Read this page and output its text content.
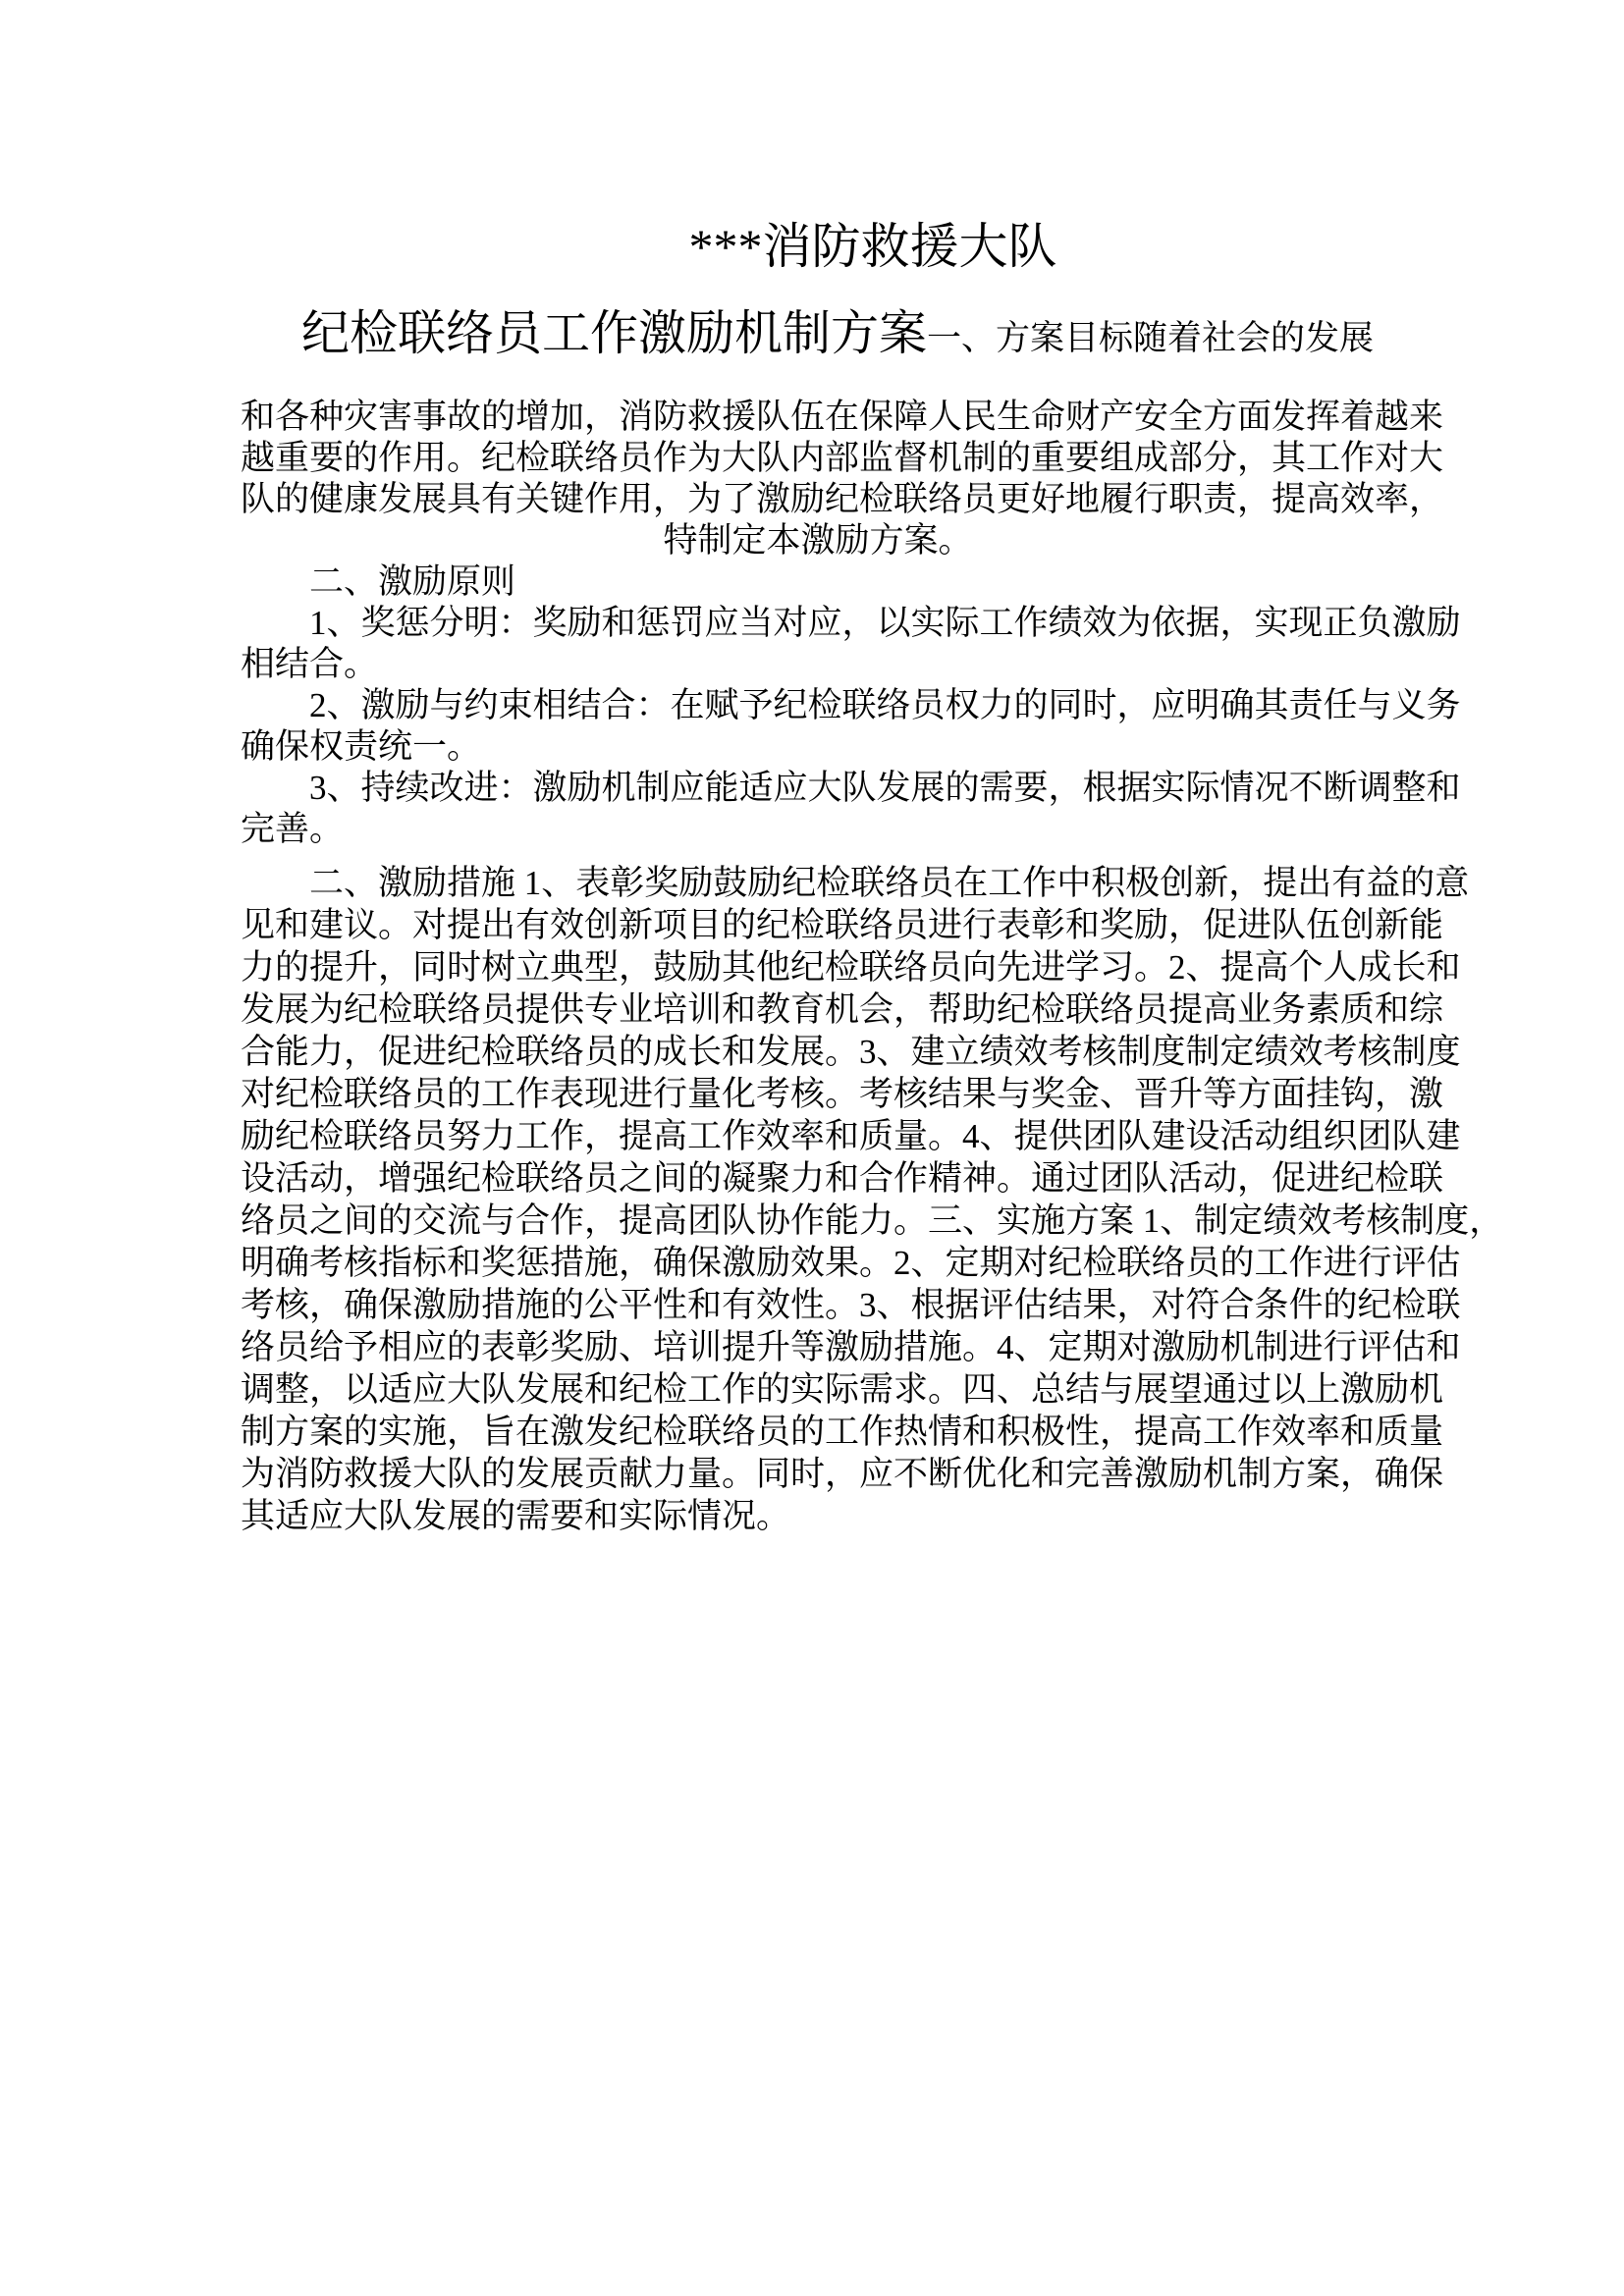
***消防救援大队
纪检联络员工作激励机制方案一、方案目标随着社会的发展
和各种灾害事故的增加，消防救援队伍在保障人民生命财产安全方面发挥着越来
越重要的作用。纪检联络员作为大队内部监督机制的重要组成部分，其工作对大
队的健康发展具有关键作用，为了激励纪检联络员更好地履行职责，提高效率，
特制定本激励方案。
二、激励原则
1、奖惩分明：奖励和惩罚应当对应，以实际工作绩效为依据，实现正负激励
相结合。
2、激励与约束相结合：在赋予纪检联络员权力的同时，应明确其责任与义务
确保权责统一。
3、持续改进：激励机制应能适应大队发展的需要，根据实际情况不断调整和
完善。
二、激励措施 1、表彰奖励鼓励纪检联络员在工作中积极创新，提出有益的意
见和建议。对提出有效创新项目的纪检联络员进行表彰和奖励，促进队伍创新能
力的提升，同时树立典型，鼓励其他纪检联络员向先进学习。2、提高个人成长和
发展为纪检联络员提供专业培训和教育机会，帮助纪检联络员提高业务素质和综
合能力，促进纪检联络员的成长和发展。3、建立绩效考核制度制定绩效考核制度
对纪检联络员的工作表现进行量化考核。考核结果与奖金、晋升等方面挂钩，激
励纪检联络员努力工作，提高工作效率和质量。4、提供团队建设活动组织团队建
设活动，增强纪检联络员之间的凝聚力和合作精神。通过团队活动，促进纪检联
络员之间的交流与合作，提高团队协作能力。三、实施方案 1、制定绩效考核制度，
明确考核指标和奖惩措施，确保激励效果。2、定期对纪检联络员的工作进行评估
考核，确保激励措施的公平性和有效性。3、根据评估结果，对符合条件的纪检联
络员给予相应的表彰奖励、培训提升等激励措施。4、定期对激励机制进行评估和
调整，以适应大队发展和纪检工作的实际需求。四、总结与展望通过以上激励机
制方案的实施，旨在激发纪检联络员的工作热情和积极性，提高工作效率和质量
为消防救援大队的发展贡献力量。同时，应不断优化和完善激励机制方案，确保
其适应大队发展的需要和实际情况。
